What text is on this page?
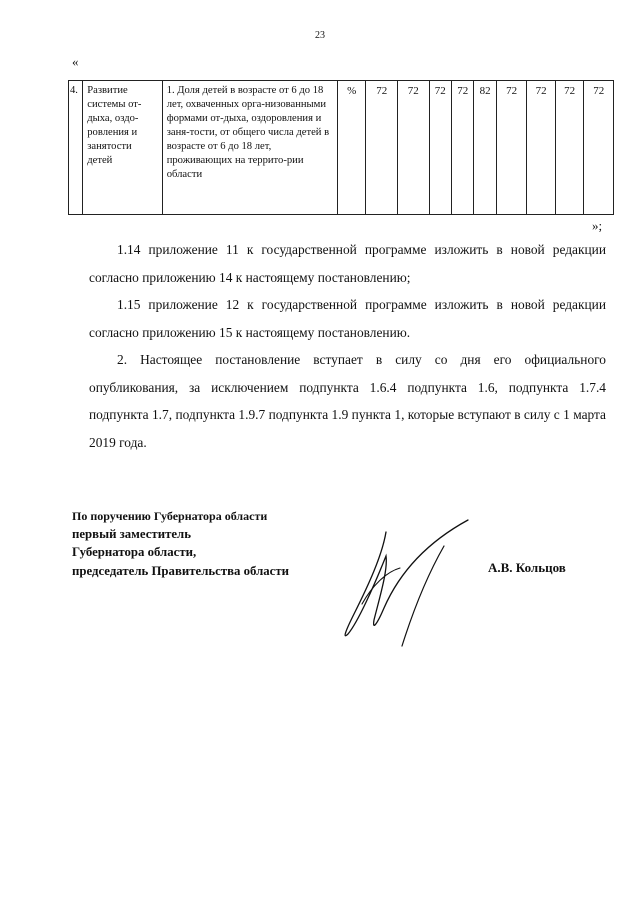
23
«
4.	Развитие системы от-дыха, оздо-ровления и занятости детей	1. Доля детей в возрасте от 6 до 18 лет, охваченных орга-низованными формами от-дыха, оздоровления и заня-тости, от общего числа детей в возрасте от 6 до 18 лет, проживающих на террито-рии области	%	72	72	72	72	82	72	72	72	72
»;

1.14 приложение 11 к государственной программе изложить в новой редакции согласно приложению 14 к настоящему постановлению;

1.15 приложение 12 к государственной программе изложить в новой редакции согласно приложению 15 к настоящему постановлению.

2. Настоящее постановление вступает в силу со дня его официального опубликования, за исключением подпункта 1.6.4 подпункта 1.6, подпункта 1.7.4 подпункта 1.7, подпункта 1.9.7 подпункта 1.9 пункта 1, которые вступают в силу с 1 марта 2019 года.

По поручению Губернатора области
первый заместитель
Губернатора области,
председатель Правительства области	А.В. Кольцов
